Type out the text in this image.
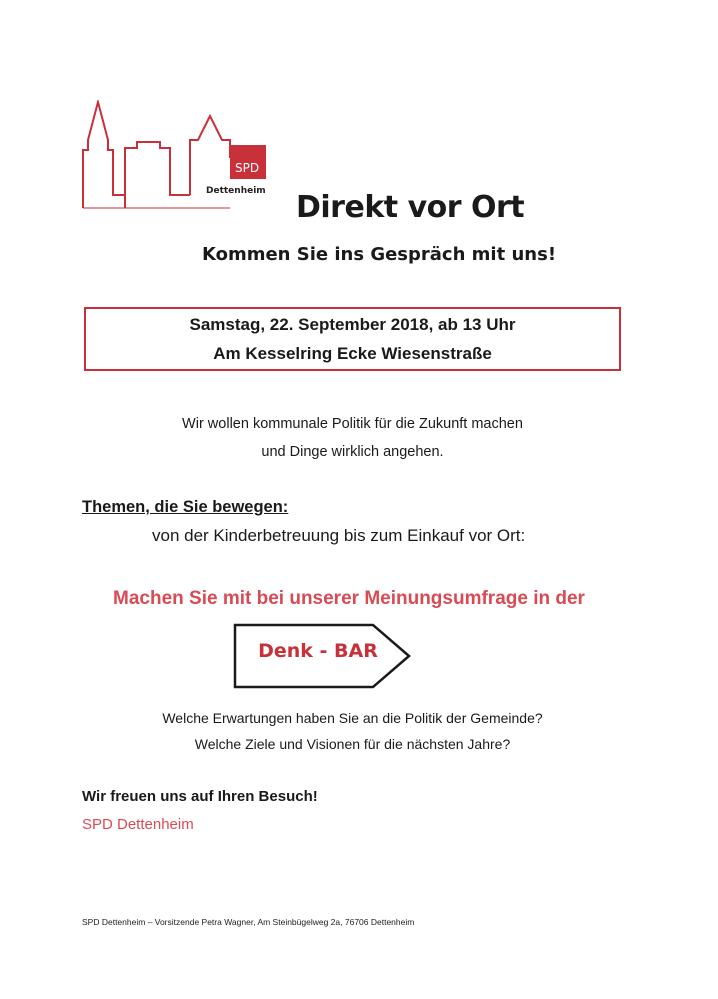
SPD
Dettenheim Direkt vor Ort
Kommen Sie ins Gespräch mit uns!
Samstag, 22. September 2018, ab 13 Uhr
Am Kesselring Ecke Wiesenstraße
Wir wollen kommunale Politik für die Zukunft machen
und Dinge wirklich angehen.
Themen, die Sie bewegen:
von der Kinderbetreuung bis zum Einkauf vor Ort:
Machen Sie mit bei unserer Meinungsumfrage in der
Denk - BAR
Welche Erwartungen haben Sie an die Politik der Gemeinde?
Welche Ziele und Visionen für die nächsten Jahre?
Wir freuen uns auf Ihren Besuch!
SPD Dettenheim
SPD Dettenheim – Vorsitzende Petra Wagner, Am Steinbügelweg 2a, 76706 Dettenheim
